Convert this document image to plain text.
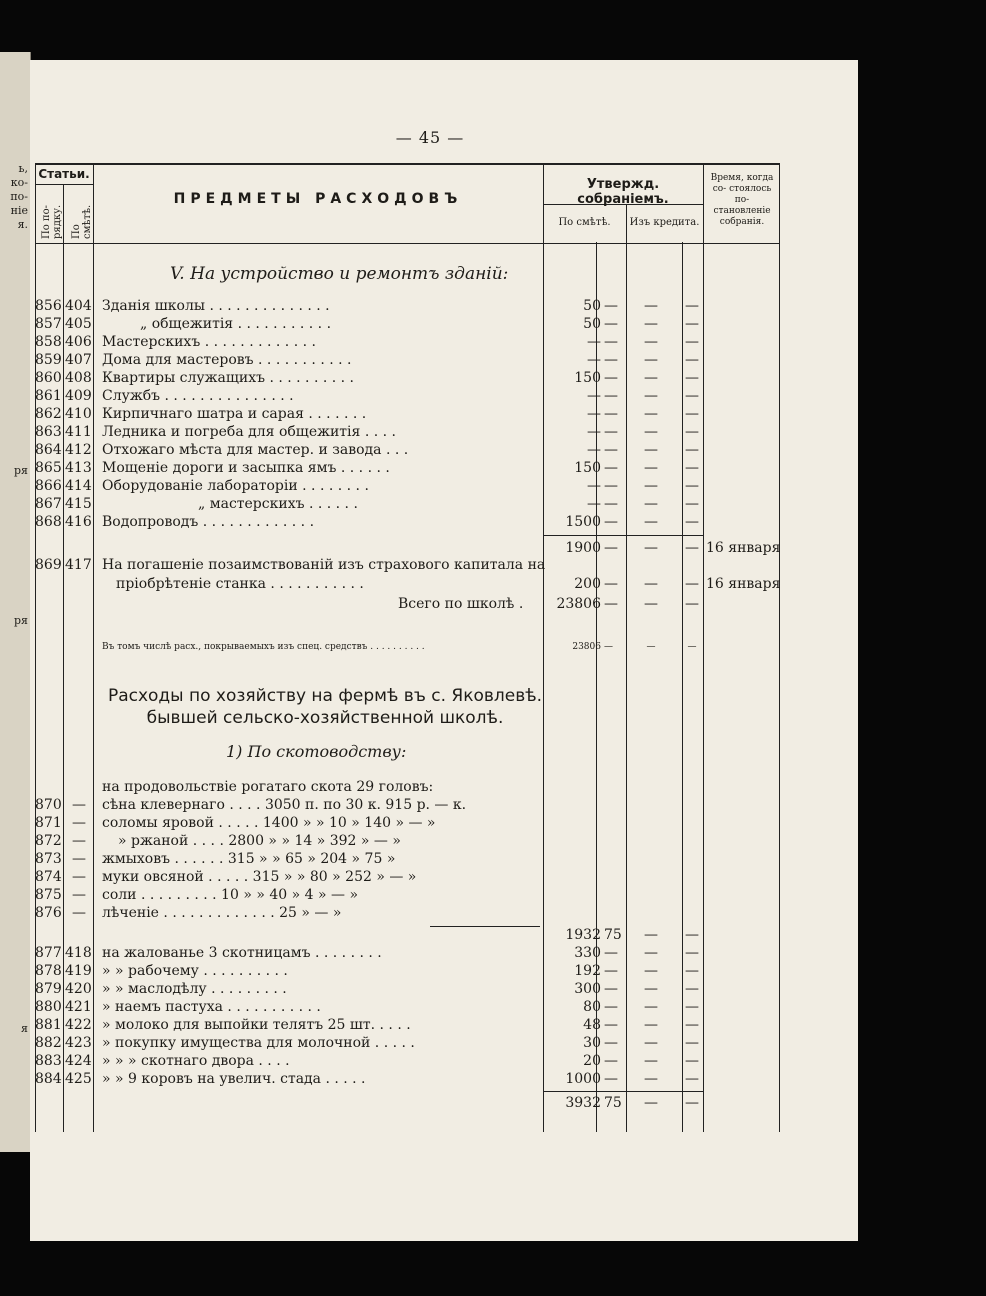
ь,
ко-
по-
ніе
я.
ря
ря
я
— 45 —
Статьи.
По по- рядку. По смѣтѣ.
ПРЕДМЕТЫ РАСХОДОВЪ
Утвержд. собраніемъ.
По смѣтѣ.	Изъ кредита.
Время, когда со- стоялось по- становленіе собранія.
V. На устройство и ремонтъ зданій:
856 404 Зданія школы . . . . . . . . . . . . . .	50 —	— —
857 405	„ общежитія . . . . . . . . . . .	50 —	— —
858 406 Мастерскихъ . . . . . . . . . . . . .	— —	— —
859 407 Дома для мастеровъ . . . . . . . . . . .	— —	— —
860 408 Квартиры служащихъ . . . . . . . . . .	150 —	— —
861 409 Службъ . . . . . . . . . . . . . . .	— —	— —
862 410 Кирпичнаго шатра и сарая . . . . . . .	— —	— —
863 411 Ледника и погреба для общежитія . . . .	— —	— —
864 412 Отхожаго мѣста для мастер. и завода . . .	— —	— —
865 413 Мощеніе дороги и засыпка ямъ . . . . . .	150 —	— —
866 414 Оборудованіе лабораторіи . . . . . . . .	— —	— —
867 415	„ мастерскихъ . . . . . .	— —	— —
868 416 Водопроводъ . . . . . . . . . . . . .	1500 —	— —
1900 —	— — 16 января
869 417 На погашеніе позаимствованій изъ страхового капитала на
пріобрѣтеніе станка . . . . . . . . . . .	200 —	— — 16 января
Всего по школѣ .	23806 —	— —
Въ томъ числѣ расх., покрываемыхъ изъ спец. средствъ . . . . . . . . . .	23806 —	—	—
Расходы по хозяйству на фермѣ въ с. Яковлевѣ.
бывшей сельско-хозяйственной школѣ.
1) По скотоводству:
на продовольствіе рогатаго скота 29 головъ:
870 —	сѣна клевернаго . . . . 3050 п. по 30 к. 915 р. — к.
871 —	соломы яровой . . . . . 1400 » » 10 » 140 » — »
872 —	» ржаной . . . . 2800 » » 14 » 392 » — »
873 —	жмыховъ . . . . . . 315 » » 65 » 204 » 75 »
874 —	муки овсяной . . . . . 315 » » 80 » 252 » — »
875 —	соли . . . . . . . . . 10 » » 40 » 4 » — »
876 —	лѣченіе . . . . . . . . . . . . . 25 » — »
1932 75 — —
877 418 на жалованье 3 скотницамъ . . . . . . . .	330 —	— —
878 419 » » рабочему . . . . . . . . . .	192 —	— —
879 420 » » маслодѣлу . . . . . . . . .	300 —	— —
880 421 » наемъ пастуха . . . . . . . . . . .	80 —	— —
881 422 » молоко для выпойки телятъ 25 шт. . . . .	48 —	— —
882 423 » покупку имущества для молочной . . . . .	30 —	— —
883 424 » » » скотнаго двора . . . .	20 —	— —
884 425 » » 9 коровъ на увелич. стада . . . . .	1000 —	— —
3932 75 — —
